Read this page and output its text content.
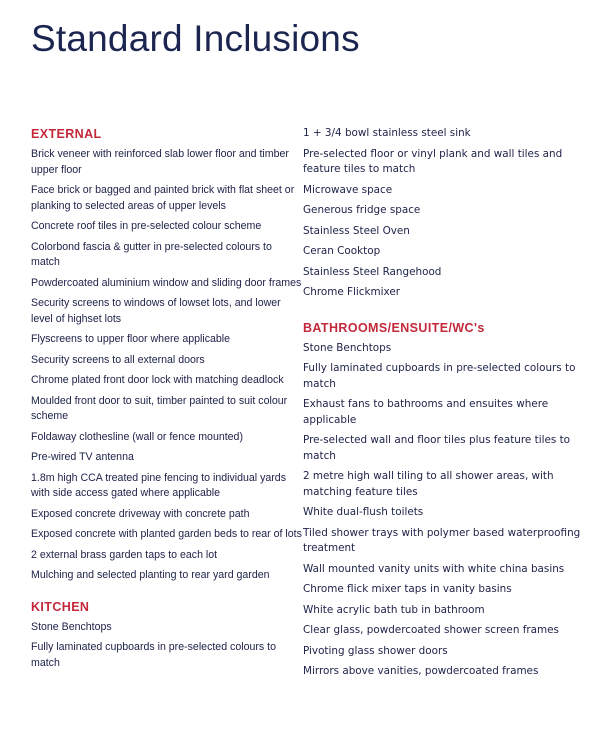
Standard Inclusions
EXTERNAL
Brick veneer with reinforced slab lower floor and timber upper floor
Face brick or bagged and painted brick with flat sheet or planking to selected areas of upper levels
Concrete roof tiles in pre-selected colour scheme
Colorbond fascia & gutter in pre-selected colours to match
Powdercoated aluminium window and sliding door frames
Security screens to windows of lowset lots, and lower level of highset lots
Flyscreens to upper floor where applicable
Security screens to all external doors
Chrome plated front door lock with matching deadlock
Moulded front door to suit, timber painted to suit colour scheme
Foldaway clothesline (wall or fence mounted)
Pre-wired TV antenna
1.8m high CCA treated pine fencing to individual yards with side access gated where applicable
Exposed concrete driveway with concrete path
Exposed concrete with planted garden beds to rear of lots
2 external brass garden taps to each lot
Mulching and selected planting to rear yard garden
KITCHEN
Stone Benchtops
Fully laminated cupboards in pre-selected colours to match
1 + 3/4 bowl stainless steel sink
Pre-selected floor or vinyl plank and wall tiles and feature tiles to match
Microwave space
Generous fridge space
Stainless Steel Oven
Ceran Cooktop
Stainless Steel Rangehood
Chrome Flickmixer
BATHROOMS/ENSUITE/WC's
Stone Benchtops
Fully laminated cupboards in pre-selected colours to match
Exhaust fans to bathrooms and ensuites where applicable
Pre-selected wall and floor tiles plus feature tiles to match
2 metre high wall tiling to all shower areas, with matching feature tiles
White dual-flush toilets
Tiled shower trays with polymer based waterproofing treatment
Wall mounted vanity units with white china basins
Chrome flick mixer taps in vanity basins
White acrylic bath tub in bathroom
Clear glass, powdercoated shower screen frames
Pivoting glass shower doors
Mirrors above vanities, powdercoated frames
